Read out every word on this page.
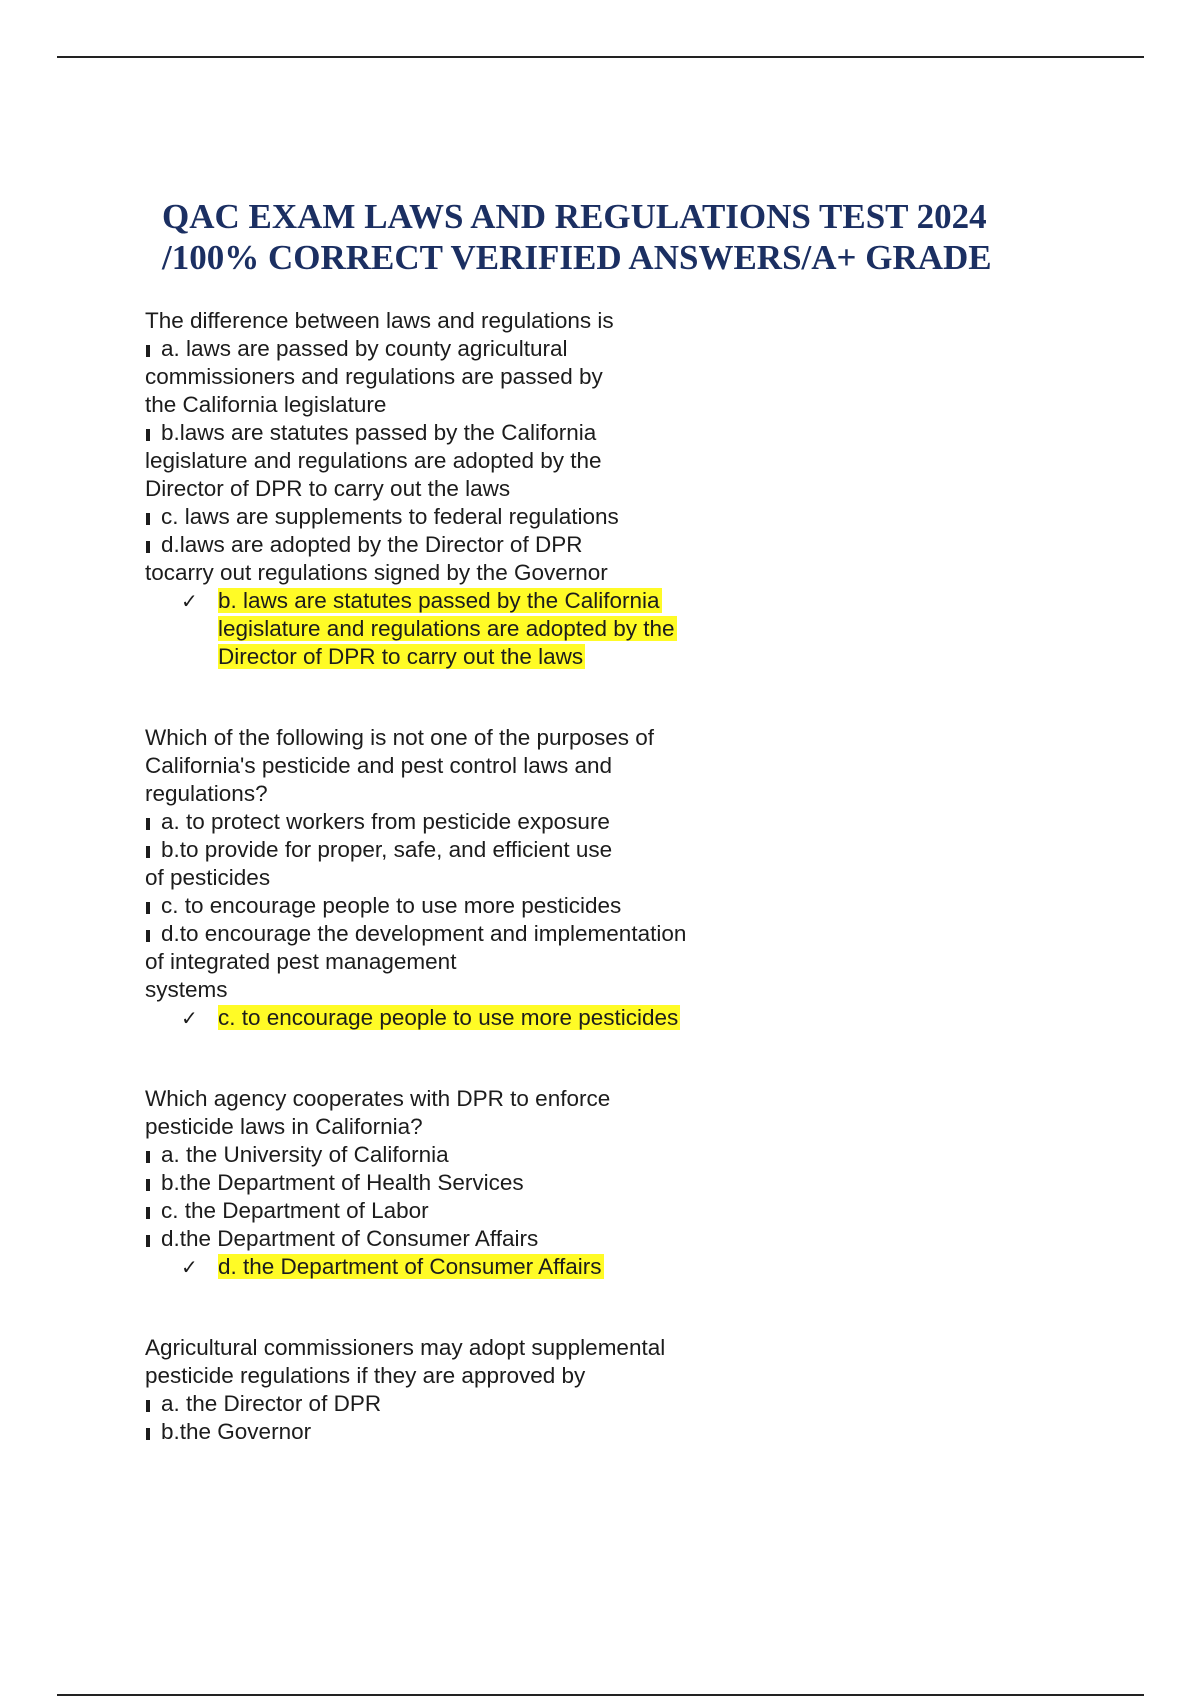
QAC EXAM LAWS AND REGULATIONS TEST 2024
/100% CORRECT VERIFIED ANSWERS/A+ GRADE
The difference between laws and regulations is
a. laws are passed by county agricultural
commissioners and regulations are passed by
the California legislature
b.laws are statutes passed by the California
legislature and regulations are adopted by the
Director of DPR to carry out the laws
c. laws are supplements to federal regulations
d.laws are adopted by the Director of DPR
tocarry out regulations signed by the Governor
✓ b. laws are statutes passed by the California
legislature and regulations are adopted by the
Director of DPR to carry out the laws
Which of the following is not one of the purposes of
California's pesticide and pest control laws and
regulations?
a. to protect workers from pesticide exposure
b.to provide for proper, safe, and efficient use
of pesticides
c. to encourage people to use more pesticides
d.to encourage the development and implementation
of integrated pest management
systems
✓ c. to encourage people to use more pesticides
Which agency cooperates with DPR to enforce
pesticide laws in California?
a. the University of California
b.the Department of Health Services
c. the Department of Labor
d.the Department of Consumer Affairs
✓ d. the Department of Consumer Affairs
Agricultural commissioners may adopt supplemental
pesticide regulations if they are approved by
a. the Director of DPR
b.the Governor
